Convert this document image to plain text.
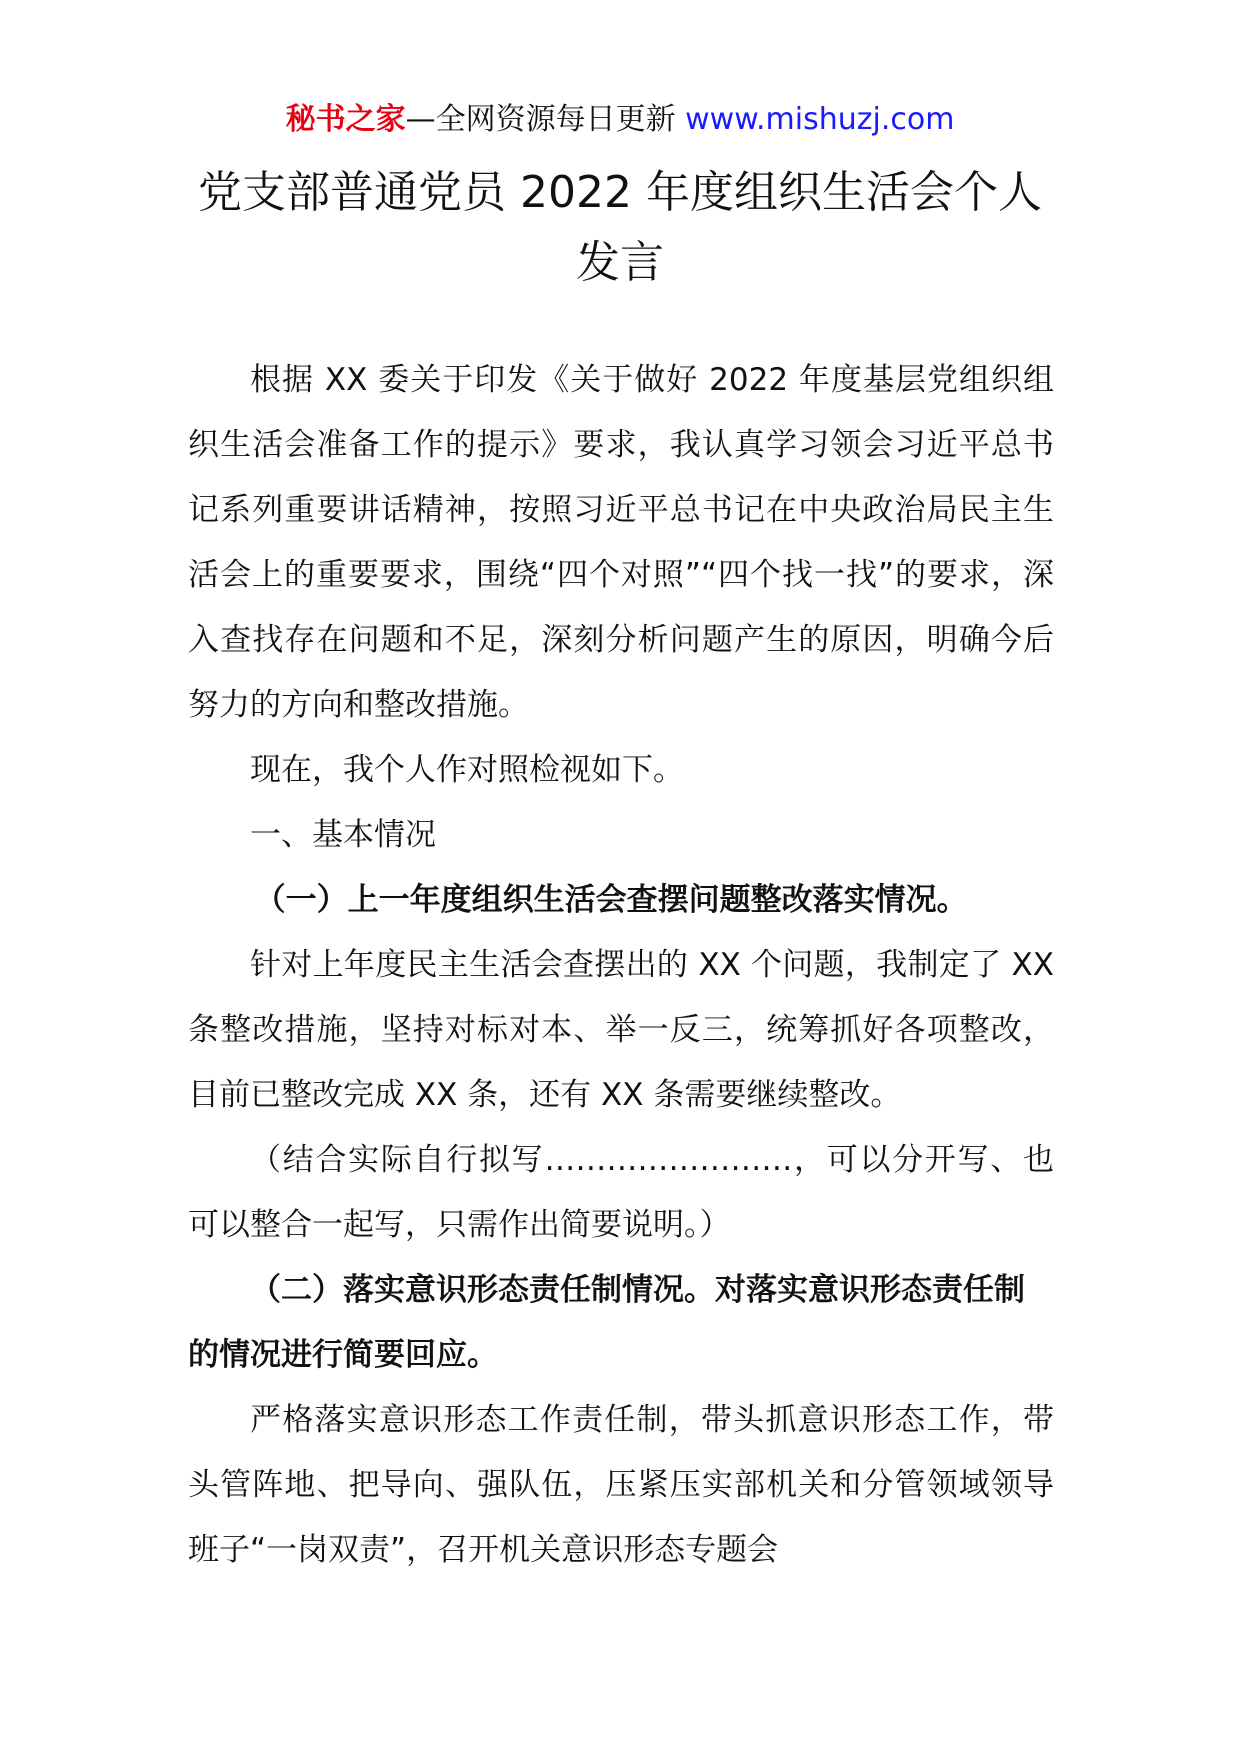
秘书之家—全网资源每日更新 www.mishuzj.com
党支部普通党员 2022 年度组织生活会个人
发言

根据 XX 委关于印发《关于做好 2022 年度基层党组织组织生活会准备工作的提示》要求，我认真学习领会习近平总书记系列重要讲话精神，按照习近平总书记在中央政治局民主生活会上的重要要求，围绕“四个对照”“四个找一找”的要求，深入查找存在问题和不足，深刻分析问题产生的原因，明确今后努力的方向和整改措施。

现在，我个人作对照检视如下。

一、基本情况

（一）上一年度组织生活会查摆问题整改落实情况。

针对上年度民主生活会查摆出的 XX 个问题，我制定了 XX 条整改措施，坚持对标对本、举一反三，统筹抓好各项整改，目前已整改完成 XX 条，还有 XX 条需要继续整改。

（结合实际自行拟写……………………，可以分开写、也可以整合一起写，只需作出简要说明。）

（二）落实意识形态责任制情况。对落实意识形态责任制的情况进行简要回应。

严格落实意识形态工作责任制，带头抓意识形态工作，带头管阵地、把导向、强队伍，压紧压实部机关和分管领域领导班子“一岗双责”，召开机关意识形态专题会
